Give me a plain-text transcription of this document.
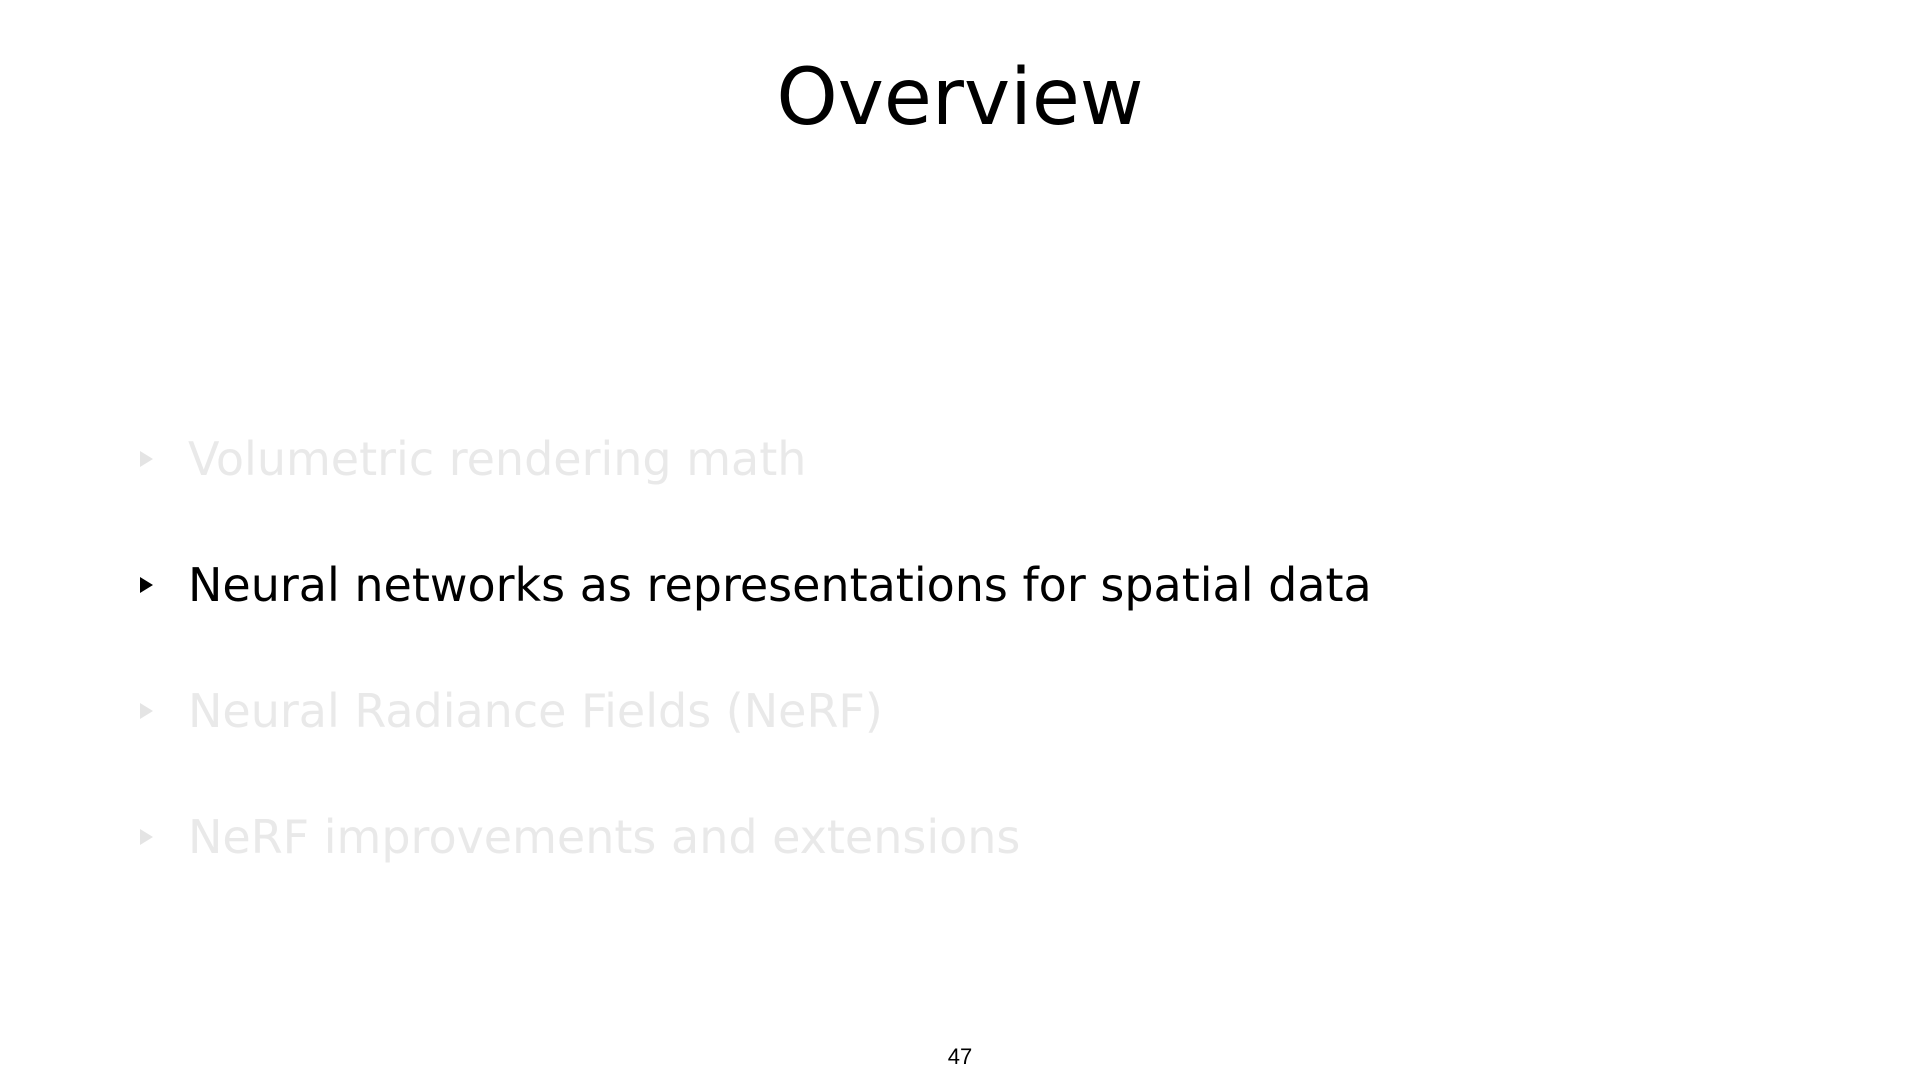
Overview
Volumetric rendering math
Neural networks as representations for spatial data
Neural Radiance Fields (NeRF)
NeRF improvements and extensions
47
